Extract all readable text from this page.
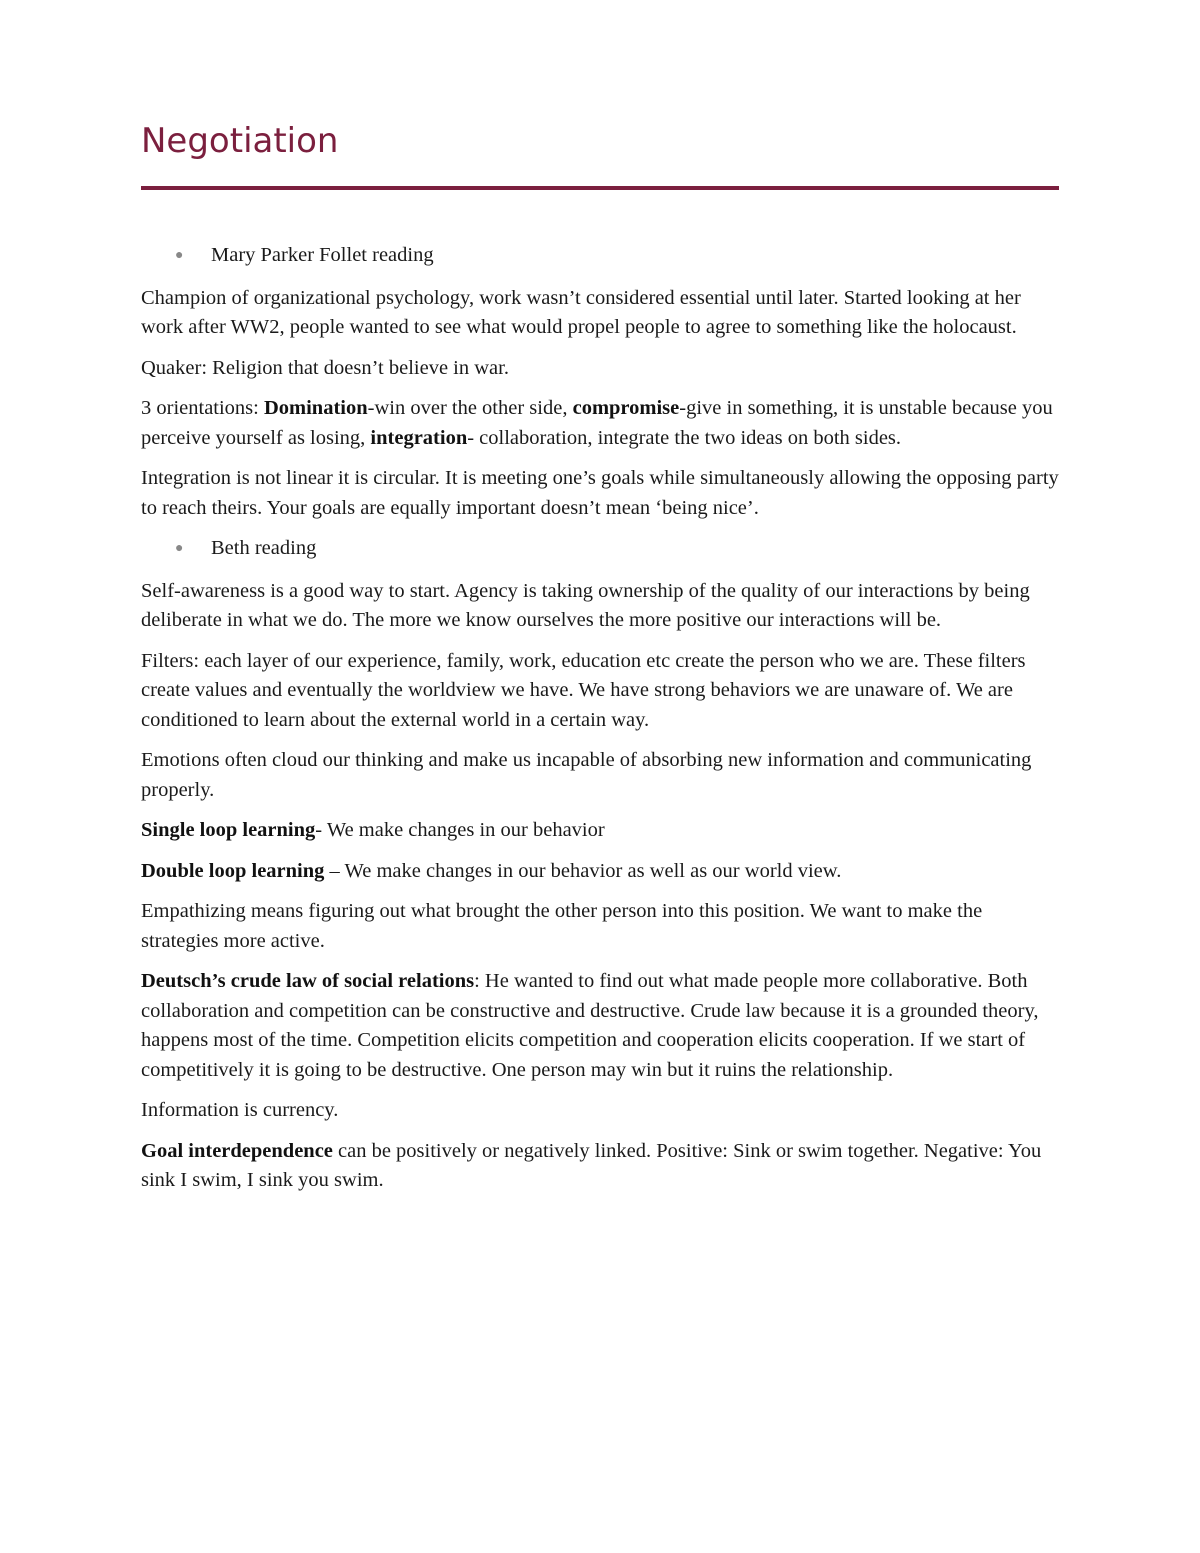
Negotiation
●	Mary Parker Follet reading

Champion of organizational psychology, work wasn’t considered essential until later. Started looking at her work after WW2, people wanted to see what would propel people to agree to something like the holocaust.

Quaker: Religion that doesn’t believe in war.

3 orientations: Domination-win over the other side, compromise-give in something, it is unstable because you perceive yourself as losing, integration- collaboration, integrate the two ideas on both sides.

Integration is not linear it is circular. It is meeting one’s goals while simultaneously allowing the opposing party to reach theirs. Your goals are equally important doesn’t mean ‘being nice’.

●	Beth reading

Self-awareness is a good way to start. Agency is taking ownership of the quality of our interactions by being deliberate in what we do. The more we know ourselves the more positive our interactions will be.

Filters: each layer of our experience, family, work, education etc create the person who we are. These filters create values and eventually the worldview we have. We have strong behaviors we are unaware of. We are conditioned to learn about the external world in a certain way.

Emotions often cloud our thinking and make us incapable of absorbing new information and communicating properly.

Single loop learning- We make changes in our behavior

Double loop learning – We make changes in our behavior as well as our world view.

Empathizing means figuring out what brought the other person into this position. We want to make the strategies more active.

Deutsch’s crude law of social relations: He wanted to find out what made people more collaborative. Both collaboration and competition can be constructive and destructive. Crude law because it is a grounded theory, happens most of the time. Competition elicits competition and cooperation elicits cooperation. If we start of competitively it is going to be destructive. One person may win but it ruins the relationship.

Information is currency.

Goal interdependence can be positively or negatively linked. Positive: Sink or swim together. Negative: You sink I swim, I sink you swim.
